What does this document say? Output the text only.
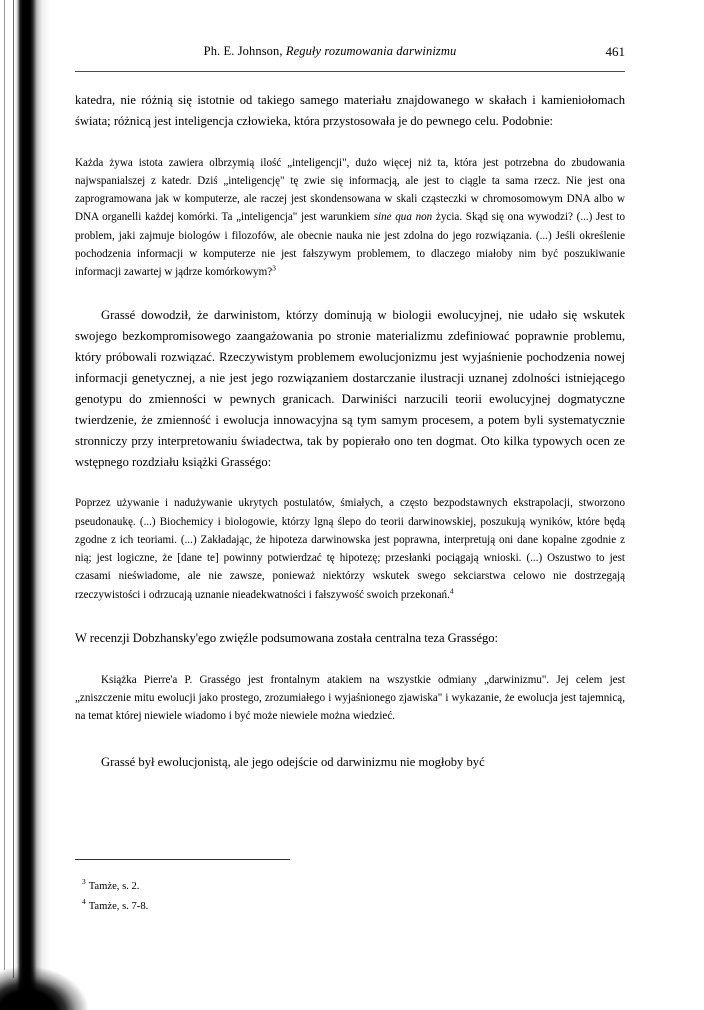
Ph. E. Johnson, Reguły rozumowania darwinizmu	461

katedra, nie różnią się istotnie od takiego samego materiału znajdowanego w skałach i kamieniołomach świata; różnicą jest inteligencja człowieka, która przystosowała je do pewnego celu. Podobnie:

Każda żywa istota zawiera olbrzymią ilość „inteligencji", dużo więcej niż ta, która jest potrzebna do zbudowania najwspanialszej z katedr. Dziś „inteligencję" tę zwie się informacją, ale jest to ciągle ta sama rzecz. Nie jest ona zaprogramowana jak w komputerze, ale raczej jest skondensowana w skali cząsteczki w chromosomowym DNA albo w DNA organelli każdej komórki. Ta „inteligencja" jest warunkiem sine qua non życia. Skąd się ona wywodzi? (...) Jest to problem, jaki zajmuje biologów i filozofów, ale obecnie nauka nie jest zdolna do jego rozwiązania. (...) Jeśli określenie pochodzenia informacji w komputerze nie jest fałszywym problemem, to dlaczego miałoby nim być poszukiwanie informacji zawartej w jądrze komórkowym?$^3$

Grassé dowodził, że darwinistom, którzy dominują w biologii ewolucyjnej, nie udało się wskutek swojego bezkompromisowego zaangażowania po stronie materializmu zdefiniować poprawnie problemu, który próbowali rozwiązać. Rzeczywistym problemem ewolucjonizmu jest wyjaśnienie pochodzenia nowej informacji genetycznej, a nie jest jego rozwiązaniem dostarczanie ilustracji uznanej zdolności istniejącego genotypu do zmienności w pewnych granicach. Darwiniści narzucili teorii ewolucyjnej dogmatyczne twierdzenie, że zmienność i ewolucja innowacyjna są tym samym procesem, a potem byli systematycznie stronniczy przy interpretowaniu świadectwa, tak by popierało ono ten dogmat. Oto kilka typowych ocen ze wstępnego rozdziału książki Grasségo:

Poprzez używanie i nadużywanie ukrytych postulatów, śmiałych, a często bezpodstawnych ekstrapolacji, stworzono pseudonaukę. (...) Biochemicy i biologowie, którzy lgną ślepo do teorii darwinowskiej, poszukują wyników, które będą zgodne z ich teoriami. (...) Zakładając, że hipoteza darwinowska jest poprawna, interpretują oni dane kopalne zgodnie z nią; jest logiczne, że [dane te] powinny potwierdzać tę hipotezę; przesłanki pociągają wnioski. (...) Oszustwo to jest czasami nieświadome, ale nie zawsze, ponieważ niektórzy wskutek swego sekciarstwa celowo nie dostrzegają rzeczywistości i odrzucają uznanie nieadekwatności i fałszywość swoich przekonań.$^4$

W recenzji Dobzhansky'ego zwięźle podsumowana została centralna teza Grasségo:

Książka Pierre'a P. Grasségo jest frontalnym atakiem na wszystkie odmiany „darwinizmu". Jej celem jest „zniszczenie mitu ewolucji jako prostego, zrozumiałego i wyjaśnionego zjawiska" i wykazanie, że ewolucja jest tajemnicą, na temat której niewiele wiadomo i być może niewiele można wiedzieć.

Grassé był ewolucjonistą, ale jego odejście od darwinizmu nie mogłoby być

$^3$ Tamże, s. 2.
$^4$ Tamże, s. 7-8.
